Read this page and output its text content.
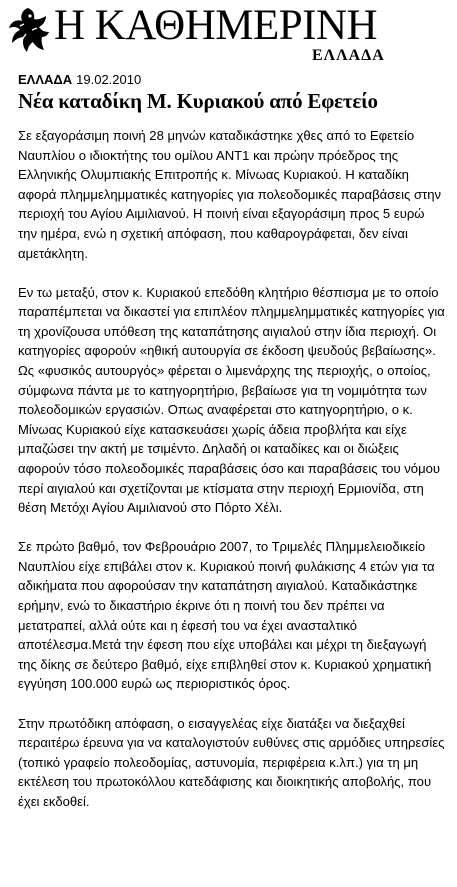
Η ΚΑΘΗΜΕΡΙΝΗ
ΕΛΛΑΔΑ
ΕΛΛΑΔΑ 19.02.2010
Νέα καταδίκη Μ. Κυριακού από Εφετείο

Σε εξαγοράσιμη ποινή 28 μηνών καταδικάστηκε χθες από το Εφετείο Ναυπλίου ο ιδιοκτήτης του ομίλου ΑΝΤ1 και πρώην πρόεδρος της Ελληνικής Ολυμπιακής Επιτροπής κ. Μίνωας Κυριακού. Η καταδίκη αφορά πλημμελημματικές κατηγορίες για πολεοδομικές παραβάσεις στην περιοχή του Αγίου Αιμιλιανού. Η ποινή είναι εξαγοράσιμη προς 5 ευρώ την ημέρα, ενώ η σχετική απόφαση, που καθαρογράφεται, δεν είναι αμετάκλητη.

Εν τω μεταξύ, στον κ. Κυριακού επεδόθη κλητήριο θέσπισμα με το οποίο παραπέμπεται να δικαστεί για επιπλέον πλημμελημματικές κατηγορίες για τη χρονίζουσα υπόθεση της καταπάτησης αιγιαλού στην ίδια περιοχή. Οι κατηγορίες αφορούν «ηθική αυτουργία σε έκδοση ψευδούς βεβαίωσης». Ως «φυσικός αυτουργός» φέρεται ο λιμενάρχης της περιοχής, ο οποίος, σύμφωνα πάντα με το κατηγορητήριο, βεβαίωσε για τη νομιμότητα των πολεοδομικών εργασιών. Οπως αναφέρεται στο κατηγορητήριο, ο κ. Μίνωας Κυριακού είχε κατασκευάσει χωρίς άδεια προβλήτα και είχε μπαζώσει την ακτή με τσιμέντο. Δηλαδή οι καταδίκες και οι διώξεις αφορούν τόσο πολεοδομικές παραβάσεις όσο και παραβάσεις του νόμου περί αιγιαλού και σχετίζονται με κτίσματα στην περιοχή Ερμιονίδα, στη θέση Μετόχι Αγίου Αιμιλιανού στο Πόρτο Χέλι.

Σε πρώτο βαθμό, τον Φεβρουάριο 2007, το Τριμελές Πλημμελειοδικείο Ναυπλίου είχε επιβάλει στον κ. Κυριακού ποινή φυλάκισης 4 ετών για τα αδικήματα που αφορούσαν την καταπάτηση αιγιαλού. Καταδικάστηκε ερήμην, ενώ το δικαστήριο έκρινε ότι η ποινή του δεν πρέπει να μετατραπεί, αλλά ούτε και η έφεσή του να έχει ανασταλτικό αποτέλεσμα.Μετά την έφεση που είχε υποβάλει και μέχρι τη διεξαγωγή της δίκης σε δεύτερο βαθμό, είχε επιβληθεί στον κ. Κυριακού χρηματική εγγύηση 100.000 ευρώ ως περιοριστικός όρος.

Στην πρωτόδικη απόφαση, ο εισαγγελέας είχε διατάξει να διεξαχθεί περαιτέρω έρευνα για να καταλογιστούν ευθύνες στις αρμόδιες υπηρεσίες (τοπικό γραφείο πολεοδομίας, αστυνομία, περιφέρεια κ.λπ.) για τη μη εκτέλεση του πρωτοκόλλου κατεδάφισης και διοικητικής αποβολής, που έχει εκδοθεί.
